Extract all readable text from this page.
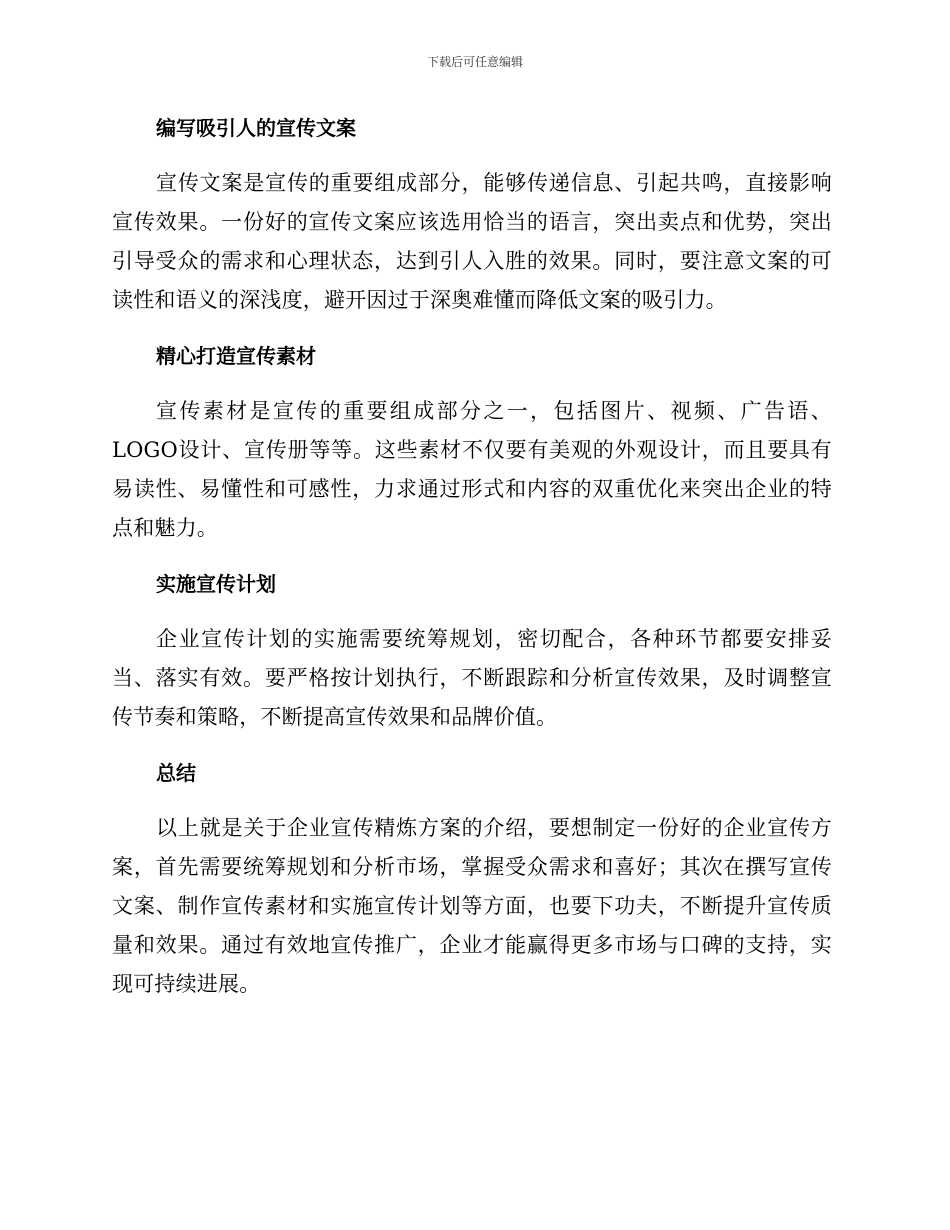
下载后可任意编辑
编写吸引人的宣传文案

宣传文案是宣传的重要组成部分，能够传递信息、引起共鸣，直接影响宣传效果。一份好的宣传文案应该选用恰当的语言，突出卖点和优势，突出引导受众的需求和心理状态，达到引人入胜的效果。同时，要注意文案的可读性和语义的深浅度，避开因过于深奥难懂而降低文案的吸引力。

精心打造宣传素材

宣传素材是宣传的重要组成部分之一，包括图片、视频、广告语、LOGO设计、宣传册等等。这些素材不仅要有美观的外观设计，而且要具有易读性、易懂性和可感性，力求通过形式和内容的双重优化来突出企业的特点和魅力。

实施宣传计划

企业宣传计划的实施需要统筹规划，密切配合，各种环节都要安排妥当、落实有效。要严格按计划执行，不断跟踪和分析宣传效果，及时调整宣传节奏和策略，不断提高宣传效果和品牌价值。

总结

以上就是关于企业宣传精炼方案的介绍，要想制定一份好的企业宣传方案，首先需要统筹规划和分析市场，掌握受众需求和喜好；其次在撰写宣传文案、制作宣传素材和实施宣传计划等方面，也要下功夫，不断提升宣传质量和效果。通过有效地宣传推广，企业才能赢得更多市场与口碑的支持，实现可持续进展。
